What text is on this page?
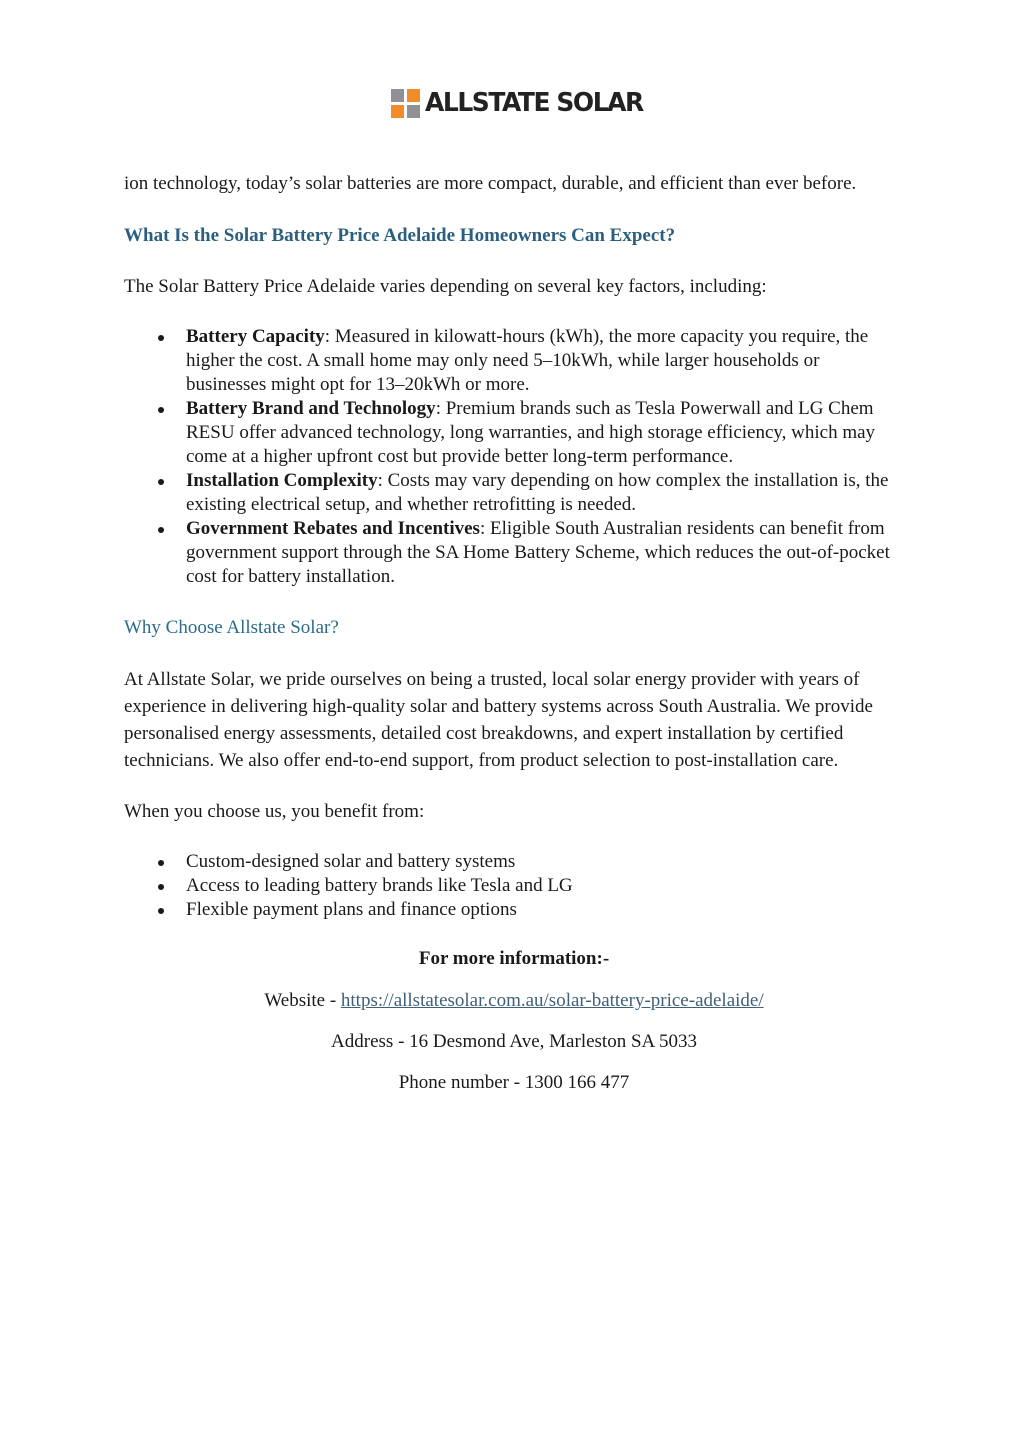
ALLSTATE SOLAR

ion technology, today’s solar batteries are more compact, durable, and efficient than ever before.

What Is the Solar Battery Price Adelaide Homeowners Can Expect?

The Solar Battery Price Adelaide varies depending on several key factors, including:

Battery Capacity: Measured in kilowatt-hours (kWh), the more capacity you require, the higher the cost. A small home may only need 5–10kWh, while larger households or businesses might opt for 13–20kWh or more.
Battery Brand and Technology: Premium brands such as Tesla Powerwall and LG Chem RESU offer advanced technology, long warranties, and high storage efficiency, which may come at a higher upfront cost but provide better long-term performance.
Installation Complexity: Costs may vary depending on how complex the installation is, the existing electrical setup, and whether retrofitting is needed.
Government Rebates and Incentives: Eligible South Australian residents can benefit from government support through the SA Home Battery Scheme, which reduces the out-of-pocket cost for battery installation.

Why Choose Allstate Solar?

At Allstate Solar, we pride ourselves on being a trusted, local solar energy provider with years of experience in delivering high-quality solar and battery systems across South Australia. We provide personalised energy assessments, detailed cost breakdowns, and expert installation by certified technicians. We also offer end-to-end support, from product selection to post-installation care.

When you choose us, you benefit from:

Custom-designed solar and battery systems
Access to leading battery brands like Tesla and LG
Flexible payment plans and finance options

For more information:-

Website - https://allstatesolar.com.au/solar-battery-price-adelaide/

Address - 16 Desmond Ave, Marleston SA 5033

Phone number - 1300 166 477
